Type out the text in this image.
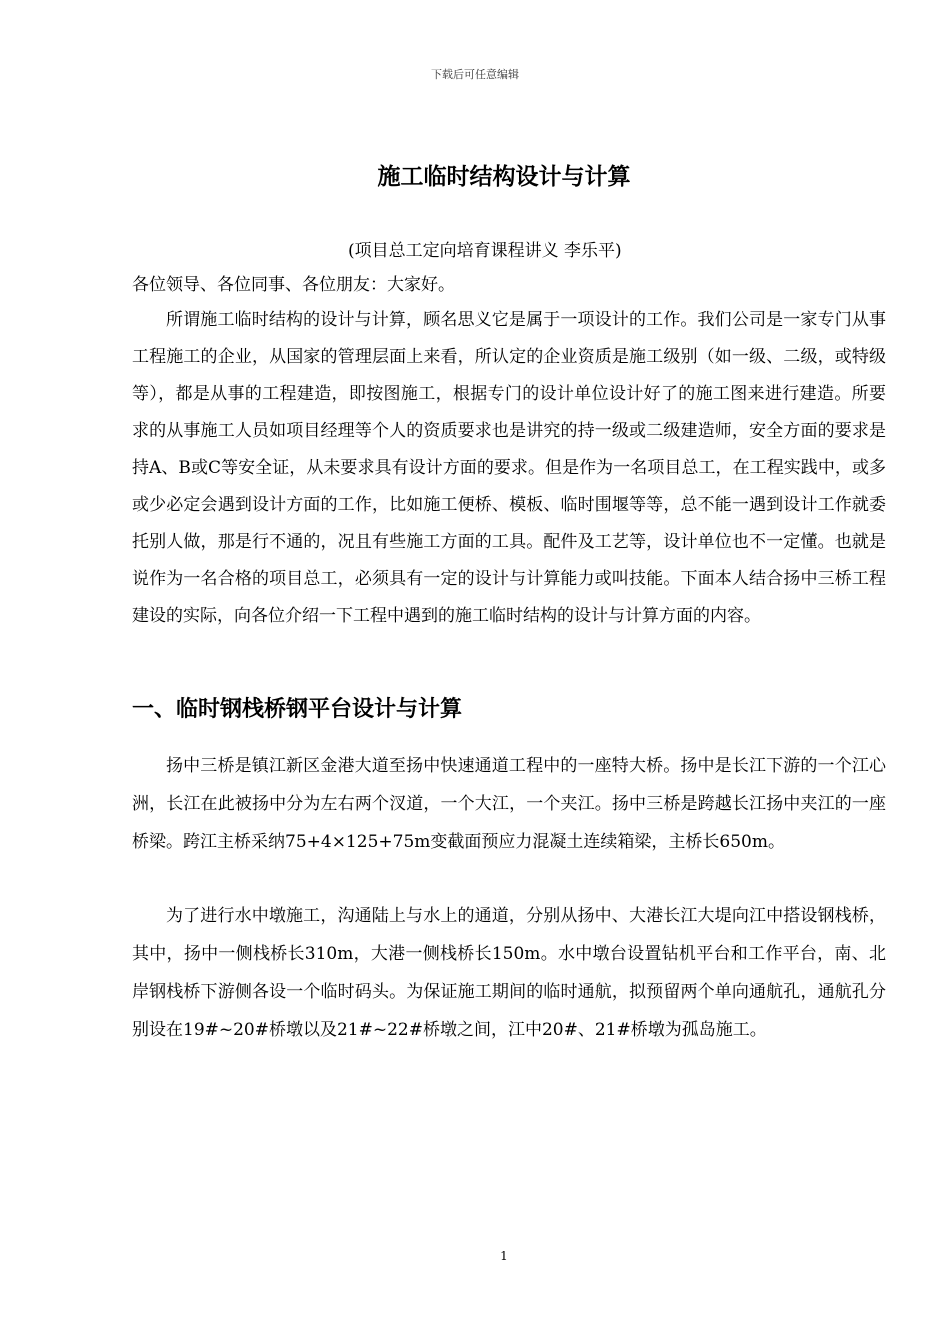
下载后可任意编辑
施工临时结构设计与计算
(项目总工定向培育课程讲义 李乐平)
各位领导、各位同事、各位朋友：大家好。

所谓施工临时结构的设计与计算，顾名思义它是属于一项设计的工作。我们公司是一家专门从事工程施工的企业，从国家的管理层面上来看，所认定的企业资质是施工级别（如一级、二级，或特级等），都是从事的工程建造，即按图施工，根据专门的设计单位设计好了的施工图来进行建造。所要求的从事施工人员如项目经理等个人的资质要求也是讲究的持一级或二级建造师，安全方面的要求是持A、B或C等安全证，从未要求具有设计方面的要求。但是作为一名项目总工，在工程实践中，或多或少必定会遇到设计方面的工作，比如施工便桥、模板、临时围堰等等，总不能一遇到设计工作就委托别人做，那是行不通的，况且有些施工方面的工具。配件及工艺等，设计单位也不一定懂。也就是说作为一名合格的项目总工，必须具有一定的设计与计算能力或叫技能。下面本人结合扬中三桥工程建设的实际，向各位介绍一下工程中遇到的施工临时结构的设计与计算方面的内容。

一、临时钢栈桥钢平台设计与计算

扬中三桥是镇江新区金港大道至扬中快速通道工程中的一座特大桥。扬中是长江下游的一个江心洲，长江在此被扬中分为左右两个汊道，一个大江，一个夹江。扬中三桥是跨越长江扬中夹江的一座桥梁。跨江主桥采纳75+4×125+75m变截面预应力混凝土连续箱梁，主桥长650m。

为了进行水中墩施工，沟通陆上与水上的通道，分别从扬中、大港长江大堤向江中搭设钢栈桥，其中，扬中一侧栈桥长310m，大港一侧栈桥长150m。水中墩台设置钻机平台和工作平台，南、北岸钢栈桥下游侧各设一个临时码头。为保证施工期间的临时通航，拟预留两个单向通航孔，通航孔分别设在19#~20#桥墩以及21#~22#桥墩之间，江中20#、21#桥墩为孤岛施工。

1
